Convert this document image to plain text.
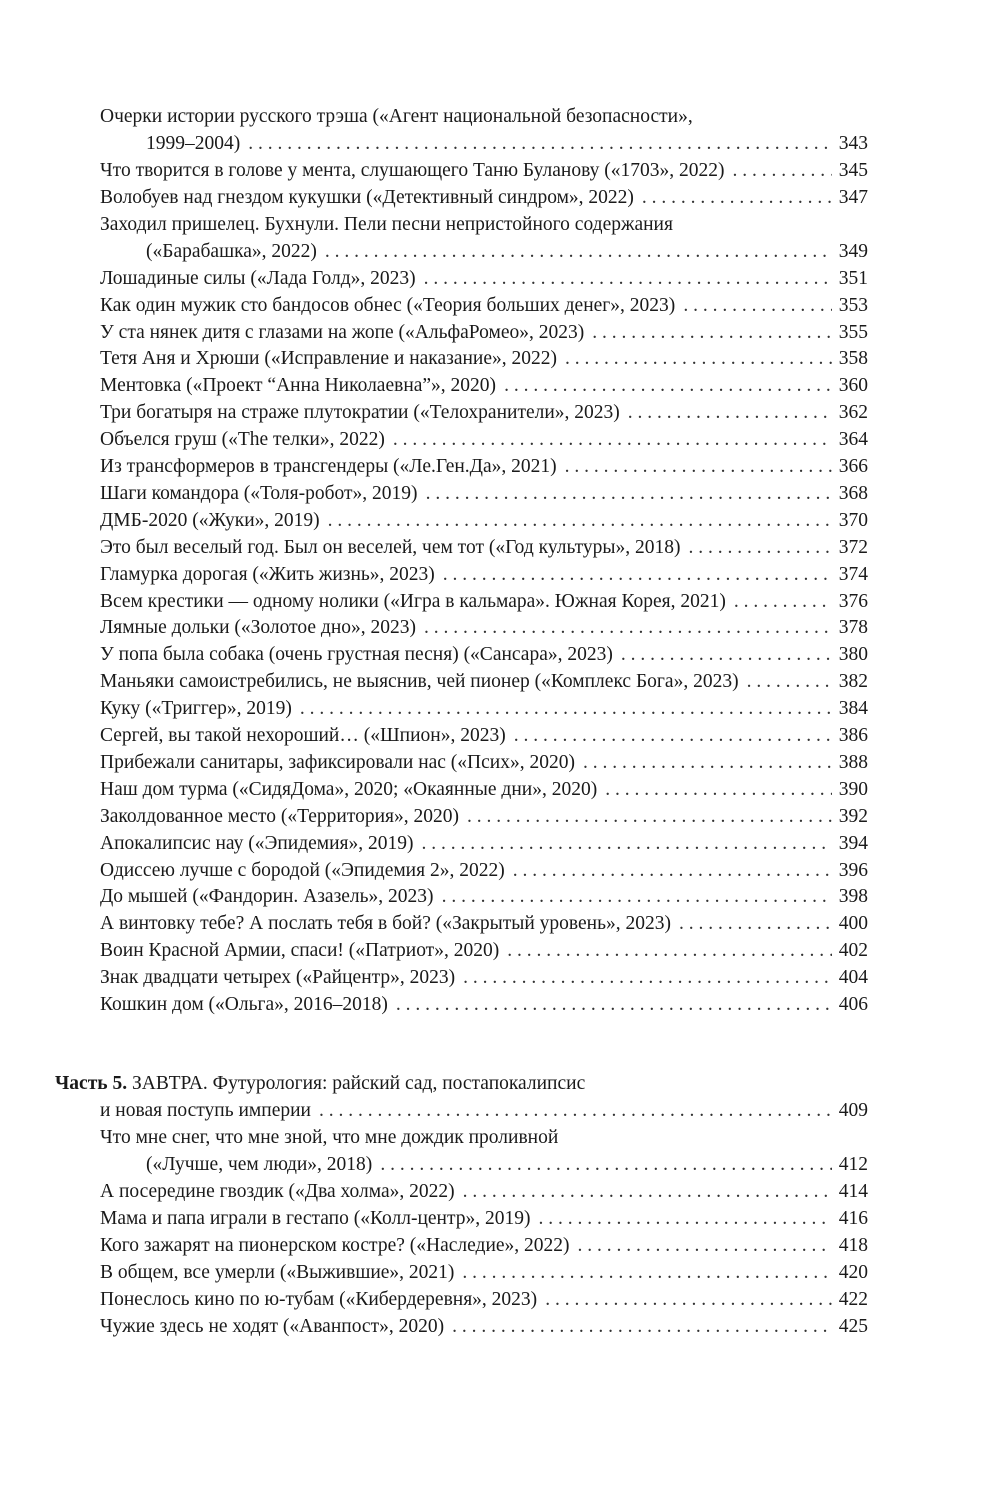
Очерки истории русского трэша («Агент национальной безопасности»,
1999–2004) . . .	343
Что творится в голове у мента, слушающего Таню Буланову («1703», 2022) . . .	345
Волобуев над гнездом кукушки («Детективный синдром», 2022) . . .	347
Заходил пришелец. Бухнули. Пели песни непристойного содержания
(«Барабашка», 2022) . . .	349
Лошадиные силы («Лада Голд», 2023) . . .	351
Как один мужик сто бандосов обнес («Теория больших денег», 2023) . . .	353
У ста нянек дитя с глазами на жопе («АльфаРомео», 2023) . . .	355
Тетя Аня и Хрюши («Исправление и наказание», 2022) . . .	358
Ментовка («Проект “Анна Николаевна”», 2020) . . .	360
Три богатыря на страже плутократии («Телохранители», 2023) . . .	362
Объелся груш («The телки», 2022) . . .	364
Из трансформеров в трансгендеры («Ле.Ген.Да», 2021) . . .	366
Шаги командора («Толя-робот», 2019) . . .	368
ДМБ-2020 («Жуки», 2019) . . .	370
Это был веселый год. Был он веселей, чем тот («Год культуры», 2018) . . .	372
Гламурка дорогая («Жить жизнь», 2023) . . .	374
Всем крестики — одному нолики («Игра в кальмара». Южная Корея, 2021) . . .	376
Лямные дольки («Золотое дно», 2023) . . .	378
У попа была собака (очень грустная песня) («Сансара», 2023) . . .	380
Маньяки самоистребились, не выяснив, чей пионер («Комплекс Бога», 2023) . . .	382
Куку («Триггер», 2019) . . .	384
Сергей, вы такой нехороший… («Шпион», 2023) . . .	386
Прибежали санитары, зафиксировали нас («Псих», 2020) . . .	388
Наш дом турма («СидяДома», 2020; «Окаянные дни», 2020) . . .	390
Заколдованное место («Территория», 2020) . . .	392
Апокалипсис нау («Эпидемия», 2019) . . .	394
Одиссею лучше с бородой («Эпидемия 2», 2022) . . .	396
До мышей («Фандорин. Азазель», 2023) . . .	398
А винтовку тебе? А послать тебя в бой? («Закрытый уровень», 2023) . . .	400
Воин Красной Армии, спаси! («Патриот», 2020) . . .	402
Знак двадцати четырех («Райцентр», 2023) . . .	404
Кошкин дом («Ольга», 2016–2018) . . .	406
Часть 5. ЗАВТРА. Футурология: райский сад, постапокалипсис
и новая поступь империи . . .	409
Что мне снег, что мне зной, что мне дождик проливной
(«Лучше, чем люди», 2018) . . .	412
А посередине гвоздик («Два холма», 2022) . . .	414
Мама и папа играли в гестапо («Колл-центр», 2019) . . .	416
Кого зажарят на пионерском костре? («Наследие», 2022) . . .	418
В общем, все умерли («Выжившие», 2021) . . .	420
Понеслось кино по ю-тубам («Кибердеревня», 2023) . . .	422
Чужие здесь не ходят («Аванпост», 2020) . . .	425
